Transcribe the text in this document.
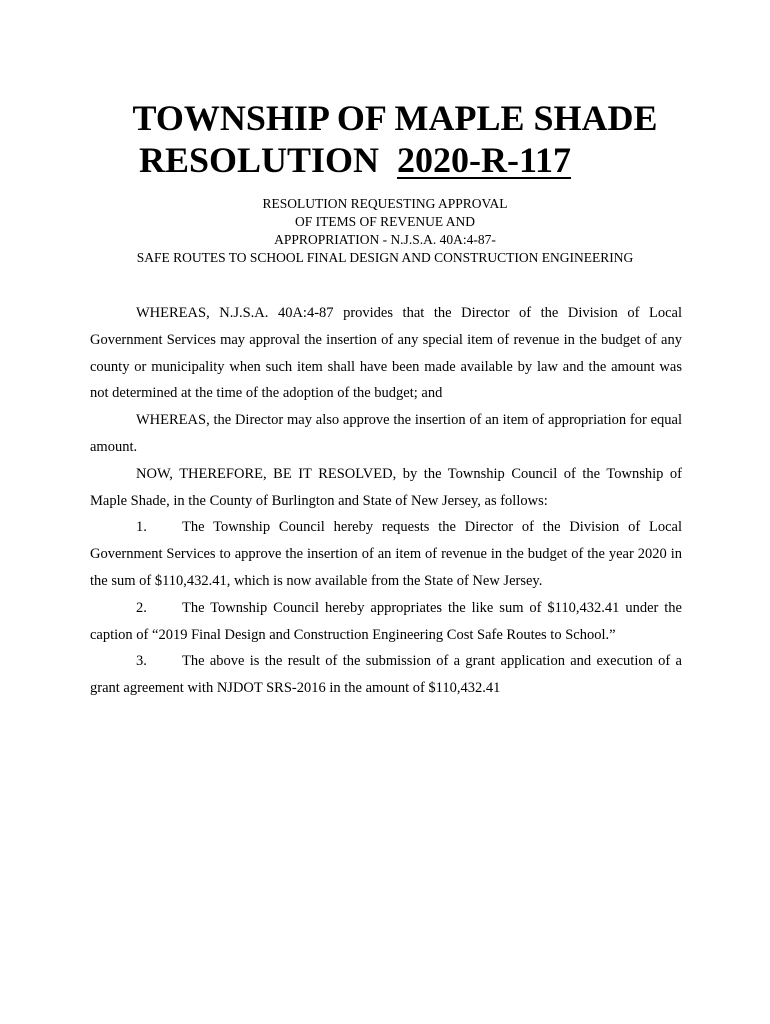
TOWNSHIP OF MAPLE SHADE
RESOLUTION 2020-R-117
RESOLUTION REQUESTING APPROVAL
OF ITEMS OF REVENUE AND
APPROPRIATION - N.J.S.A. 40A:4-87-
SAFE ROUTES TO SCHOOL FINAL DESIGN AND CONSTRUCTION ENGINEERING

WHEREAS, N.J.S.A. 40A:4-87 provides that the Director of the Division of Local Government Services may approval the insertion of any special item of revenue in the budget of any county or municipality when such item shall have been made available by law and the amount was not determined at the time of the adoption of the budget; and

WHEREAS, the Director may also approve the insertion of an item of appropriation for equal amount.

NOW, THEREFORE, BE IT RESOLVED, by the Township Council of the Township of Maple Shade, in the County of Burlington and State of New Jersey, as follows:

1. The Township Council hereby requests the Director of the Division of Local Government Services to approve the insertion of an item of revenue in the budget of the year 2020 in the sum of $110,432.41, which is now available from the State of New Jersey.

2. The Township Council hereby appropriates the like sum of $110,432.41 under the caption of “2019 Final Design and Construction Engineering Cost Safe Routes to School.”

3. The above is the result of the submission of a grant application and execution of a grant agreement with NJDOT SRS-2016 in the amount of $110,432.41
